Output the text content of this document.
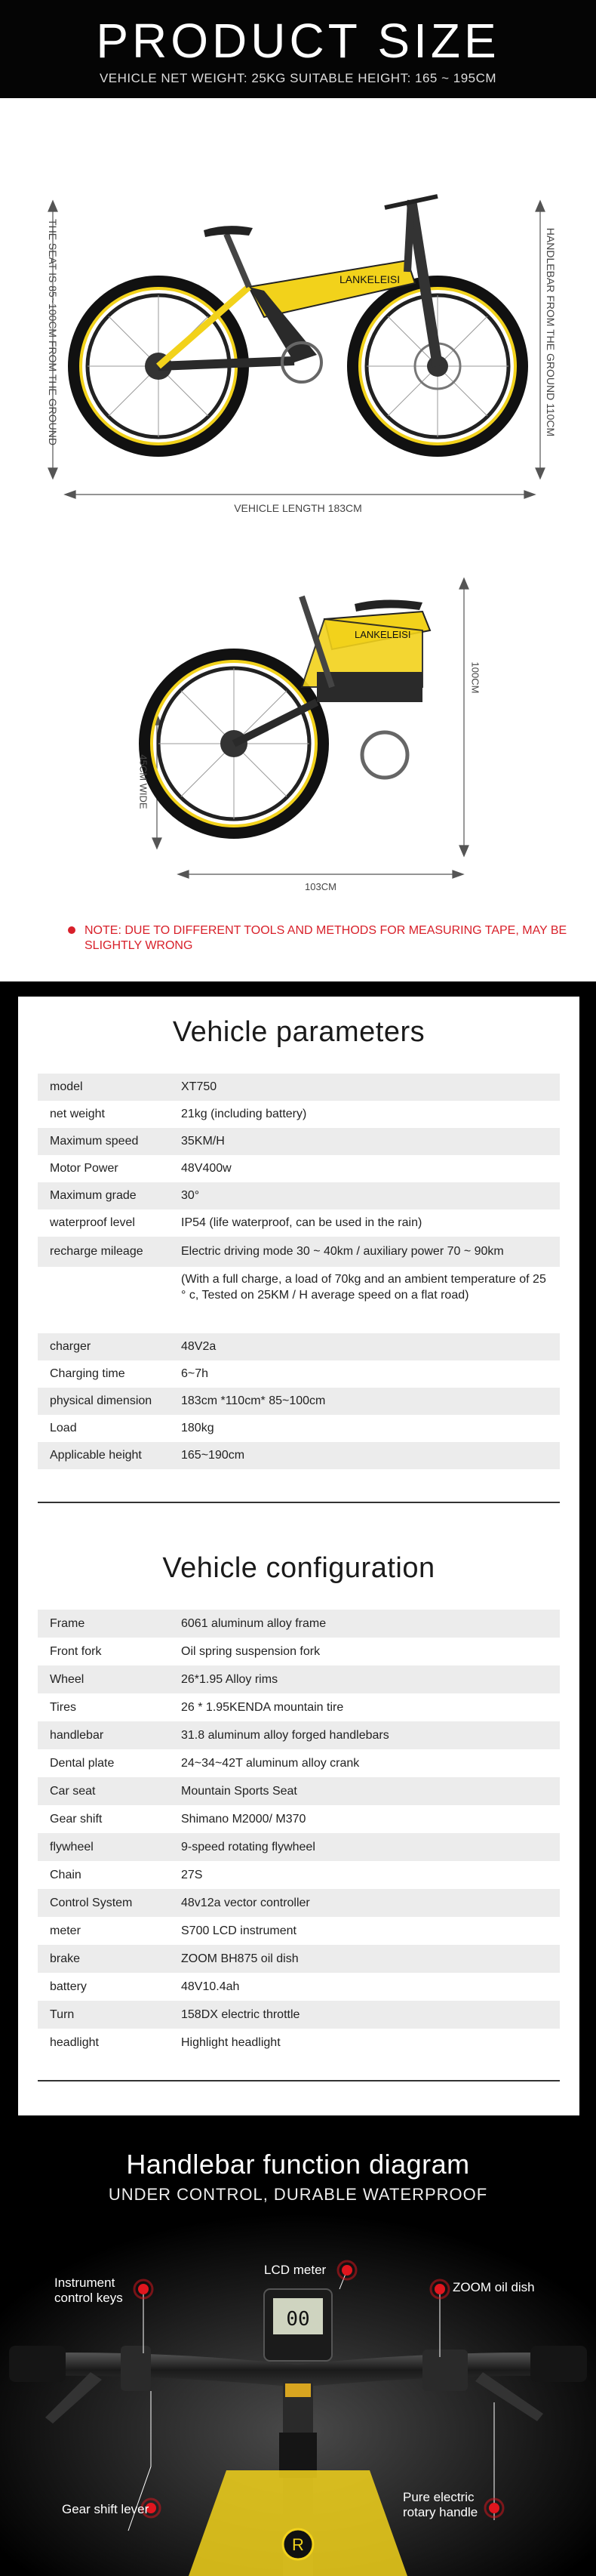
PRODUCT SIZE

VEHICLE NET WEIGHT: 25KG SUITABLE HEIGHT: 165 ~ 195CM

LANKELEISI
LANKELEISI
THE SEAT IS 85~100CM FROM THE GROUND	HANDLEBAR FROM THE GROUND 110CM
VEHICLE LENGTH 183CM
100CM
45CM WIDE
103CM
NOTE: DUE TO DIFFERENT TOOLS AND METHODS FOR MEASURING TAPE, MAY BE SLIGHTLY WRONG
Vehicle parameters
model	XT750
net weight	21kg (including battery)
Maximum speed	35KM/H
Motor Power	48V400w
Maximum grade	30°
waterproof level	IP54 (life waterproof, can be used in the rain)
recharge mileage	Electric driving mode 30 ~ 40km / auxiliary power 70 ~ 90km
(With a full charge, a load of 70kg and an ambient temperature of 25 ° c, Tested on 25KM / H average speed on a flat road)
charger	48V2a
Charging time	6~7h
physical dimension	183cm *110cm* 85~100cm
Load	180kg
Applicable height	165~190cm
Vehicle configuration
Frame	6061 aluminum alloy frame
Front fork	Oil spring suspension fork
Wheel	26*1.95 Alloy rims
Tires	26 * 1.95KENDA mountain tire
handlebar	31.8 aluminum alloy forged handlebars
Dental plate	24~34~42T aluminum alloy crank
Car seat	Mountain Sports Seat
Gear shift	Shimano M2000/ M370
flywheel	9-speed rotating flywheel
Chain	27S
Control System	48v12a vector controller
meter	S700 LCD instrument
brake	ZOOM BH875 oil dish
battery	48V10.4ah
Turn	158DX electric throttle
headlight	Highlight headlight
00
R
Handlebar function diagram
UNDER CONTROL, DURABLE WATERPROOF
Instrument control keys
LCD meter
ZOOM oil dish
Gear shift lever
Pure electric rotary handle
